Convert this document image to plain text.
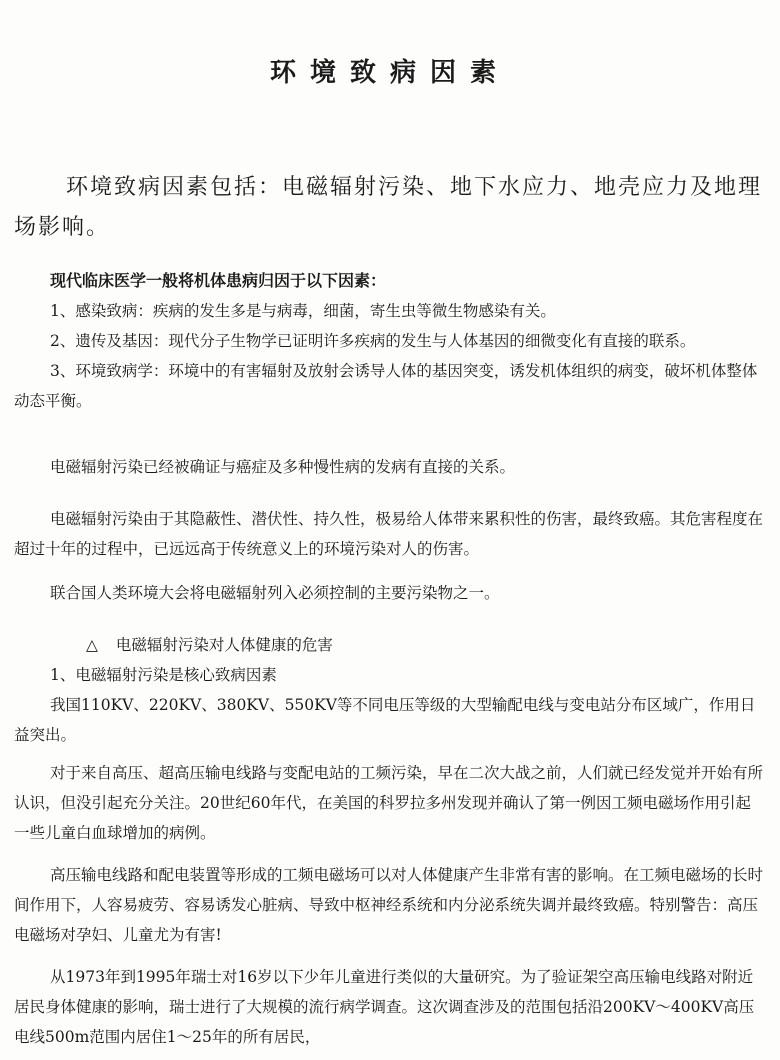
环境致病因素

环境致病因素包括：电磁辐射污染、地下水应力、地壳应力及地理场影响。

现代临床医学一般将机体患病归因于以下因素：
1、感染致病：疾病的发生多是与病毒，细菌，寄生虫等微生物感染有关。
2、遗传及基因：现代分子生物学已证明许多疾病的发生与人体基因的细微变化有直接的联系。
3、环境致病学：环境中的有害辐射及放射会诱导人体的基因突变，诱发机体组织的病变，破坏机体整体动态平衡。

电磁辐射污染已经被确证与癌症及多种慢性病的发病有直接的关系。

电磁辐射污染由于其隐蔽性、潜伏性、持久性，极易给人体带来累积性的伤害，最终致癌。其危害程度在超过十年的过程中，已远远高于传统意义上的环境污染对人的伤害。

联合国人类环境大会将电磁辐射列入必须控制的主要污染物之一。

△ 电磁辐射污染对人体健康的危害
1、电磁辐射污染是核心致病因素
我国110KV、220KV、380KV、550KV等不同电压等级的大型输配电线与变电站分布区域广，作用日益突出。

对于来自高压、超高压输电线路与变配电站的工频污染，早在二次大战之前，人们就已经发觉并开始有所认识，但没引起充分关注。20世纪60年代，在美国的科罗拉多州发现并确认了第一例因工频电磁场作用引起一些儿童白血球增加的病例。

高压输电线路和配电装置等形成的工频电磁场可以对人体健康产生非常有害的影响。在工频电磁场的长时间作用下，人容易疲劳、容易诱发心脏病、导致中枢神经系统和内分泌系统失调并最终致癌。特别警告：高压电磁场对孕妇、儿童尤为有害!

从1973年到1995年瑞士对16岁以下少年儿童进行类似的大量研究。为了验证架空高压输电线路对附近居民身体健康的影响，瑞士进行了大规模的流行病学调查。这次调查涉及的范围包括沿200KV～400KV高压电线500m范围内居住1～25年的所有居民，
